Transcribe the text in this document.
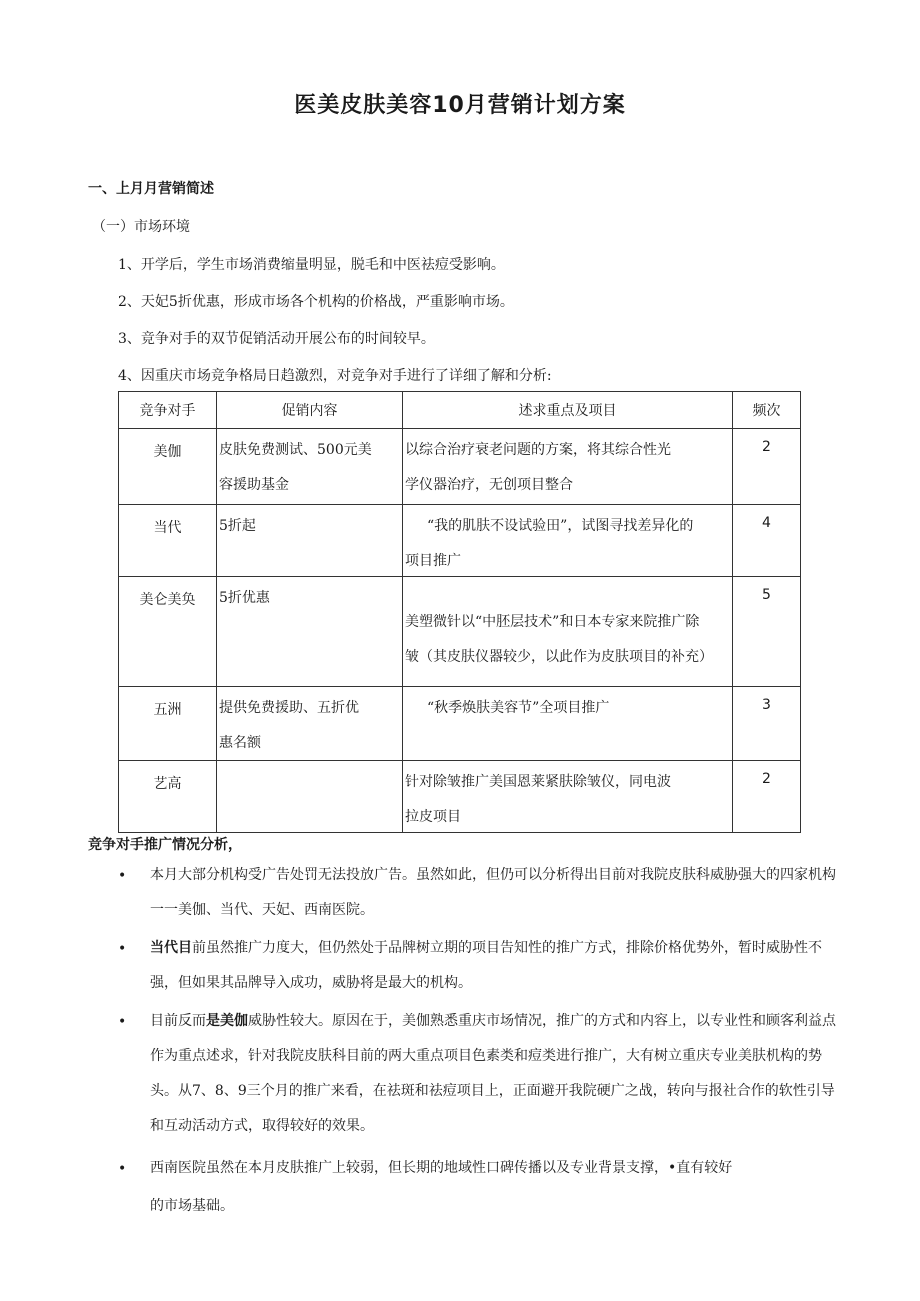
医美皮肤美容10月营销计划方案
一、上月月营销简述
（一）市场环境
1、开学后，学生市场消费缩量明显，脱毛和中医祛痘受影响。
2、天妃5折优惠，形成市场各个机构的价格战，严重影响市场。
3、竞争对手的双节促销活动开展公布的时间较早。
4、因重庆市场竞争格局日趋激烈，对竞争对手进行了详细了解和分析:
竞争对手	促销内容	述求重点及项目	频次
美伽	皮肤免费测试、500元美
容援助基金	以综合治疗衰老问题的方案，将其综合性光
学仪器治疗，无创项目整合	2
当代	5折起	“我的肌肤不设试验田”，试图寻找差异化的
项目推广	4
美仑美奂	5折优惠	美塑微针以“中胚层技术”和日本专家来院推广除
皱（其皮肤仪器较少，以此作为皮肤项目的补充）	5
五洲	提供免费援助、五折优
惠名额	“秋季焕肤美容节”全项目推广	3
艺高		针对除皱推广美国恩莱紧肤除皱仪，同电波
拉皮项目	2
竞争对手推广情况分析，
• 本月大部分机构受广告处罚无法投放广告。虽然如此，但仍可以分析得出目前对我院皮肤科威胁强大的四家机构一一美伽、当代、天妃、西南医院。
• 当代目前虽然推广力度大，但仍然处于品牌树立期的项目告知性的推广方式，排除价格优势外，暂时威胁性不强，但如果其品牌导入成功，威胁将是最大的机构。
• 目前反而是美伽威胁性较大。原因在于，美伽熟悉重庆市场情况，推广的方式和内容上，以专业性和顾客利益点作为重点述求，针对我院皮肤科目前的两大重点项目色素类和痘类进行推广，大有树立重庆专业美肤机构的势头。从7、8、9三个月的推广来看，在祛斑和祛痘项目上，正面避开我院硬广之战，转向与报社合作的软性引导和互动活动方式，取得较好的效果。
• 西南医院虽然在本月皮肤推广上较弱，但长期的地域性口碑传播以及专业背景支撑，•直有较好
的市场基础。
